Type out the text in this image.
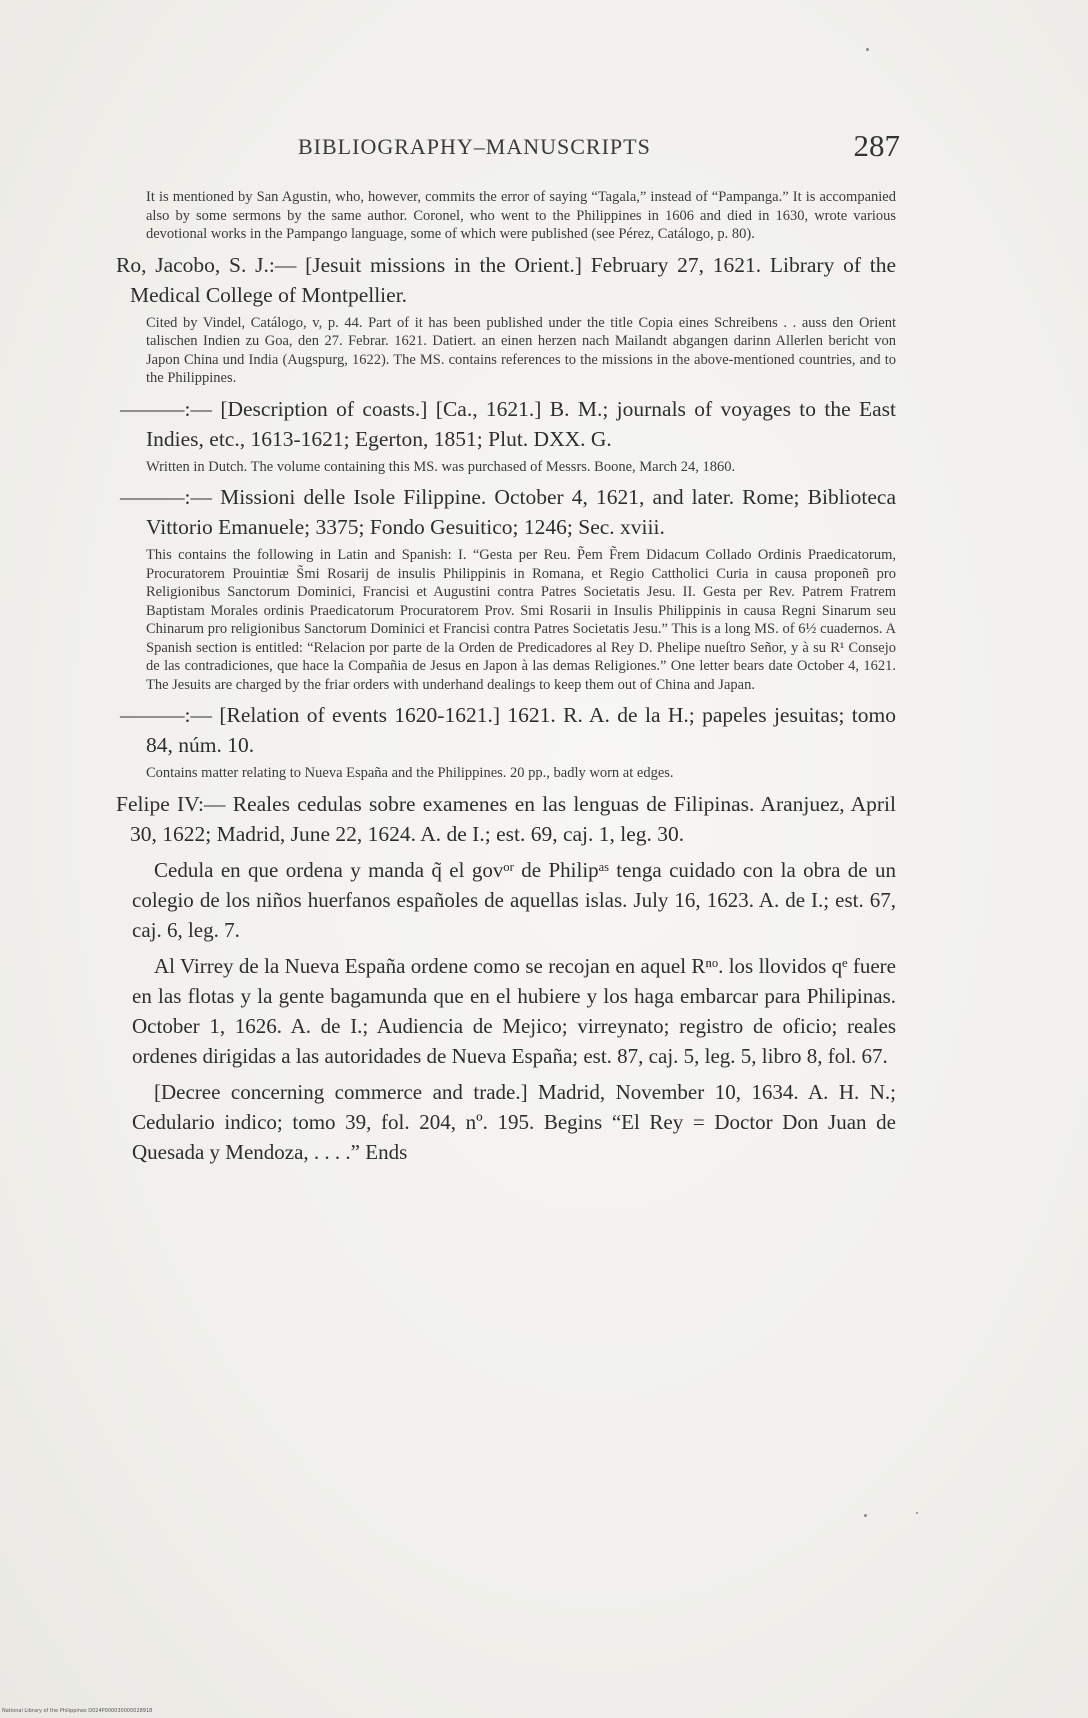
BIBLIOGRAPHY–MANUSCRIPTS	287

It is mentioned by San Agustin, who, however, commits the error of saying “Tagala,” instead of “Pampanga.” It is accompanied also by some sermons by the same author. Coronel, who went to the Philippines in 1606 and died in 1630, wrote various devotional works in the Pampango language, some of which were published (see Pérez, Catálogo, p. 80).

Ro, Jacobo, S. J.:— [Jesuit missions in the Orient.] February 27, 1621. Library of the Medical College of Montpellier.

Cited by Vindel, Catálogo, v, p. 44. Part of it has been published under the title Copia eines Schreibens . . auss den Orient talischen Indien zu Goa, den 27. Febrar. 1621. Datiert. an einen herzen nach Mailandt abgangen darinn Allerlen bericht von Japon China und India (Augspurg, 1622). The MS. contains references to the missions in the above-mentioned countries, and to the Philippines.

———:— [Description of coasts.] [Ca., 1621.] B. M.; journals of voyages to the East Indies, etc., 1613-1621; Egerton, 1851; Plut. DXX. G.

Written in Dutch. The volume containing this MS. was purchased of Messrs. Boone, March 24, 1860.

———:— Missioni delle Isole Filippine. October 4, 1621, and later. Rome; Biblioteca Vittorio Emanuele; 3375; Fondo Gesuitico; 1246; Sec. xviii.

This contains the following in Latin and Spanish: I. “Gesta per Reu. P̃em F̃rem Didacum Collado Ordinis Praedicatorum, Procuratorem Prouintiæ S̃mi Rosarij de insulis Philippinis in Romana, et Regio Cattholici Curia in causa proponeñ pro Religionibus Sanctorum Dominici, Francisi et Augustini contra Patres Societatis Jesu. II. Gesta per Rev. Patrem Fratrem Baptistam Morales ordinis Praedicatorum Procuratorem Prov. Smi Rosarii in Insulis Philippinis in causa Regni Sinarum seu Chinarum pro religionibus Sanctorum Dominici et Francisi contra Patres Societatis Jesu.” This is a long MS. of 6½ cuadernos. A Spanish section is entitled: “Relacion por parte de la Orden de Predicadores al Rey D. Phelipe nueſtro Señor, y à su R¹ Consejo de las contradiciones, que hace la Compañia de Jesus en Japon à las demas Religiones.” One letter bears date October 4, 1621. The Jesuits are charged by the friar orders with underhand dealings to keep them out of China and Japan.

———:— [Relation of events 1620-1621.] 1621. R. A. de la H.; papeles jesuitas; tomo 84, núm. 10.

Contains matter relating to Nueva España and the Philippines. 20 pp., badly worn at edges.

Felipe IV:— Reales cedulas sobre examenes en las lenguas de Filipinas. Aranjuez, April 30, 1622; Madrid, June 22, 1624. A. de I.; est. 69, caj. 1, leg. 30.

Cedula en que ordena y manda q̃ el govᵒʳ de Philipᵃˢ tenga cuidado con la obra de un colegio de los niños huerfanos españoles de aquellas islas. July 16, 1623. A. de I.; est. 67, caj. 6, leg. 7.

Al Virrey de la Nueva España ordene como se recojan en aquel Rⁿᵒ. los llovidos qᵉ fuere en las flotas y la gente bagamunda que en el hubiere y los haga embarcar para Philipinas. October 1, 1626. A. de I.; Audiencia de Mejico; virreynato; registro de oficio; reales ordenes dirigidas a las autoridades de Nueva España; est. 87, caj. 5, leg. 5, libro 8, fol. 67.

[Decree concerning commerce and trade.] Madrid, November 10, 1634. A. H. N.; Cedulario indico; tomo 39, fol. 204, nº. 195. Begins “El Rey = Doctor Don Juan de Quesada y Mendoza, . . . .” Ends

National Library of the Philippines D024P000030000028918
